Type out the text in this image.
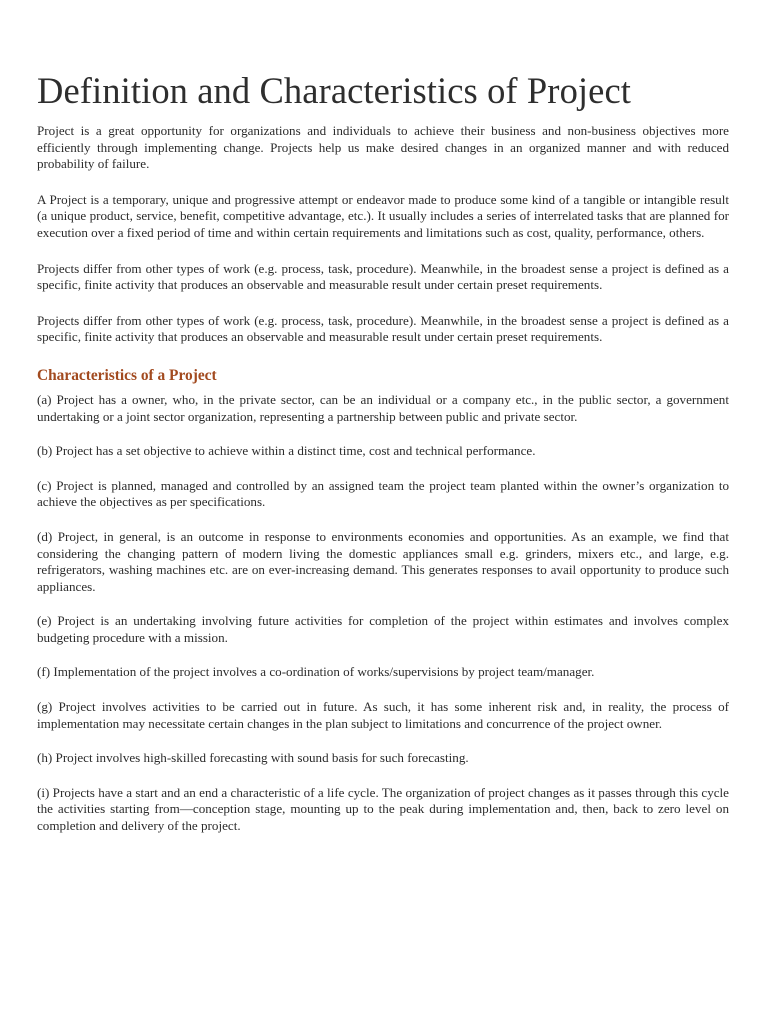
Definition and Characteristics of Project

Project is a great opportunity for organizations and individuals to achieve their business and non-business objectives more efficiently through implementing change. Projects help us make desired changes in an organized manner and with reduced probability of failure.

A Project is a temporary, unique and progressive attempt or endeavor made to produce some kind of a tangible or intangible result (a unique product, service, benefit, competitive advantage, etc.). It usually includes a series of interrelated tasks that are planned for execution over a fixed period of time and within certain requirements and limitations such as cost, quality, performance, others.

Projects differ from other types of work (e.g. process, task, procedure). Meanwhile, in the broadest sense a project is defined as a specific, finite activity that produces an observable and measurable result under certain preset requirements.

Projects differ from other types of work (e.g. process, task, procedure). Meanwhile, in the broadest sense a project is defined as a specific, finite activity that produces an observable and measurable result under certain preset requirements.

Characteristics of a Project

(a) Project has a owner, who, in the private sector, can be an individual or a company etc., in the public sector, a government undertaking or a joint sector organization, representing a partnership between public and private sector.

(b) Project has a set objective to achieve within a distinct time, cost and technical performance.

(c) Project is planned, managed and controlled by an assigned team the project team planted within the owner’s organization to achieve the objectives as per specifications.

(d) Project, in general, is an outcome in response to environments economies and opportunities. As an example, we find that considering the changing pattern of modern living the domestic appliances small e.g. grinders, mixers etc., and large, e.g. refrigerators, washing machines etc. are on ever-increasing demand. This generates responses to avail opportunity to produce such appliances.

(e) Project is an undertaking involving future activities for completion of the project within estimates and involves complex budgeting procedure with a mission.

(f) Implementation of the project involves a co-ordination of works/supervisions by project team/manager.

(g) Project involves activities to be carried out in future. As such, it has some inherent risk and, in reality, the process of implementation may necessitate certain changes in the plan subject to limitations and concurrence of the project owner.

(h) Project involves high-skilled forecasting with sound basis for such forecasting.

(i) Projects have a start and an end a characteristic of a life cycle. The organization of project changes as it passes through this cycle the activities starting from—conception stage, mounting up to the peak during implementation and, then, back to zero level on completion and delivery of the project.
